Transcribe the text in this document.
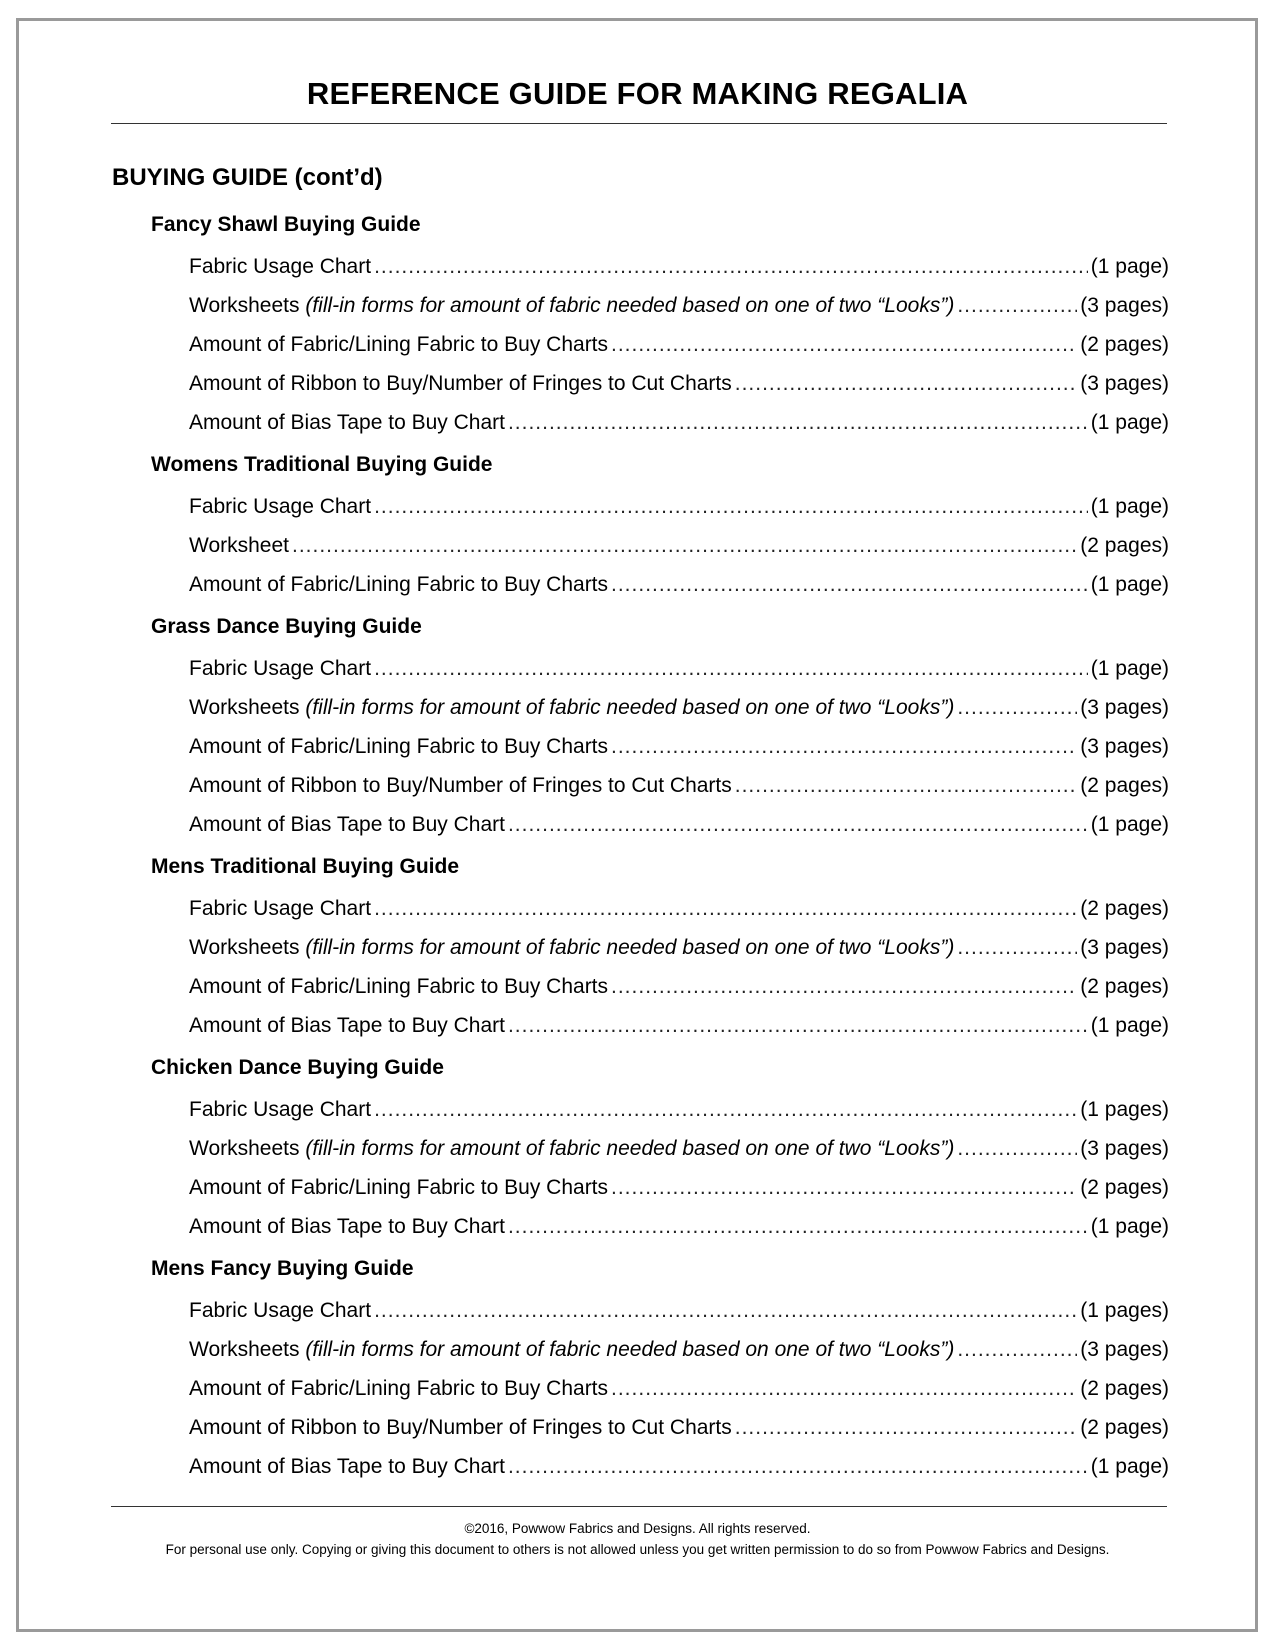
REFERENCE GUIDE FOR MAKING REGALIA
BUYING GUIDE (cont’d)
Fancy Shawl Buying Guide
Fabric Usage Chart .....	(1 page)
Worksheets (fill-in forms for amount of fabric needed based on one of two “Looks”) .....	(3 pages)
Amount of Fabric/Lining Fabric to Buy Charts .....	(2 pages)
Amount of Ribbon to Buy/Number of Fringes to Cut Charts .....	(3 pages)
Amount of Bias Tape to Buy Chart .....	(1 page)
Womens Traditional Buying Guide
Fabric Usage Chart .....	(1 page)
Worksheet .....	(2 pages)
Amount of Fabric/Lining Fabric to Buy Charts .....	(1 page)
Grass Dance Buying Guide
Fabric Usage Chart .....	(1 page)
Worksheets (fill-in forms for amount of fabric needed based on one of two “Looks”) .....	(3 pages)
Amount of Fabric/Lining Fabric to Buy Charts .....	(3 pages)
Amount of Ribbon to Buy/Number of Fringes to Cut Charts .....	(2 pages)
Amount of Bias Tape to Buy Chart .....	(1 page)
Mens Traditional Buying Guide
Fabric Usage Chart .....	(2 pages)
Worksheets (fill-in forms for amount of fabric needed based on one of two “Looks”) .....	(3 pages)
Amount of Fabric/Lining Fabric to Buy Charts .....	(2 pages)
Amount of Bias Tape to Buy Chart .....	(1 page)
Chicken Dance Buying Guide
Fabric Usage Chart .....	(1 pages)
Worksheets (fill-in forms for amount of fabric needed based on one of two “Looks”) .....	(3 pages)
Amount of Fabric/Lining Fabric to Buy Charts .....	(2 pages)
Amount of Bias Tape to Buy Chart .....	(1 page)
Mens Fancy Buying Guide
Fabric Usage Chart .....	(1 pages)
Worksheets (fill-in forms for amount of fabric needed based on one of two “Looks”) .....	(3 pages)
Amount of Fabric/Lining Fabric to Buy Charts .....	(2 pages)
Amount of Ribbon to Buy/Number of Fringes to Cut Charts .....	(2 pages)
Amount of Bias Tape to Buy Chart .....	(1 page)
©2016, Powwow Fabrics and Designs. All rights reserved.
For personal use only. Copying or giving this document to others is not allowed unless you get written permission to do so from Powwow Fabrics and Designs.
